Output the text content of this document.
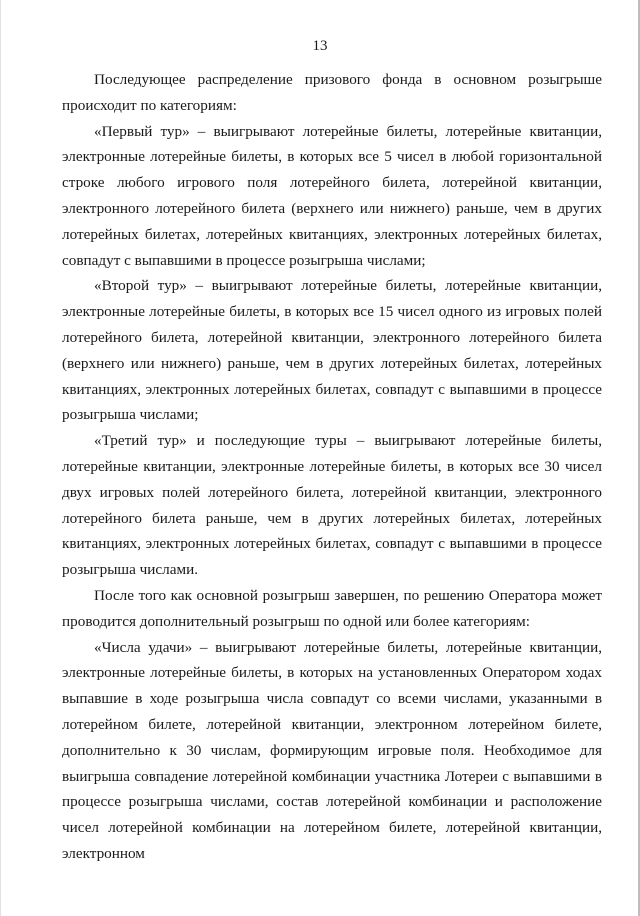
13

Последующее распределение призового фонда в основном розыгрыше происходит по категориям:

«Первый тур» – выигрывают лотерейные билеты, лотерейные квитанции, электронные лотерейные билеты, в которых все 5 чисел в любой горизонтальной строке любого игрового поля лотерейного билета, лотерейной квитанции, электронного лотерейного билета (верхнего или нижнего) раньше, чем в других лотерейных билетах, лотерейных квитанциях, электронных лотерейных билетах, совпадут с выпавшими в процессе розыгрыша числами;

«Второй тур» – выигрывают лотерейные билеты, лотерейные квитанции, электронные лотерейные билеты, в которых все 15 чисел одного из игровых полей лотерейного билета, лотерейной квитанции, электронного лотерейного билета (верхнего или нижнего) раньше, чем в других лотерейных билетах, лотерейных квитанциях, электронных лотерейных билетах, совпадут с выпавшими в процессе розыгрыша числами;

«Третий тур» и последующие туры – выигрывают лотерейные билеты, лотерейные квитанции, электронные лотерейные билеты, в которых все 30 чисел двух игровых полей лотерейного билета, лотерейной квитанции, электронного лотерейного билета раньше, чем в других лотерейных билетах, лотерейных квитанциях, электронных лотерейных билетах, совпадут с выпавшими в процессе розыгрыша числами.

После того как основной розыгрыш завершен, по решению Оператора может проводится дополнительный розыгрыш по одной или более категориям:

«Числа удачи» – выигрывают лотерейные билеты, лотерейные квитанции, электронные лотерейные билеты, в которых на установленных Оператором ходах выпавшие в ходе розыгрыша числа совпадут со всеми числами, указанными в лотерейном билете, лотерейной квитанции, электронном лотерейном билете, дополнительно к 30 числам, формирующим игровые поля. Необходимое для выигрыша совпадение лотерейной комбинации участника Лотереи с выпавшими в процессе розыгрыша числами, состав лотерейной комбинации и расположение чисел лотерейной комбинации на лотерейном билете, лотерейной квитанции, электронном
